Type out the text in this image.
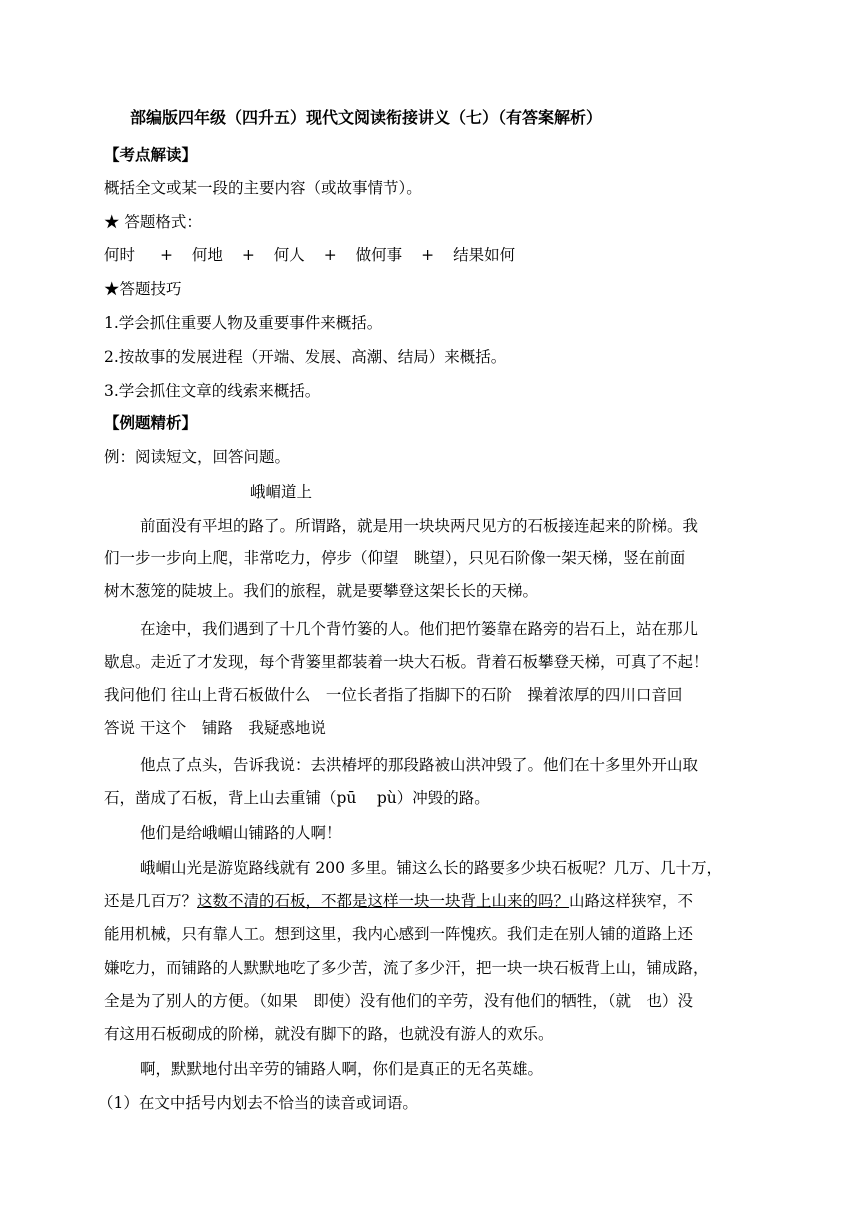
部编版四年级（四升五）现代文阅读衔接讲义（七）（有答案解析）

【考点解读】

概括全文或某一段的主要内容（或故事情节）。

★ 答题格式：

何时 + 何地 + 何人 + 做何事 + 结果如何

★答题技巧

1.学会抓住重要人物及重要事件来概括。

2.按故事的发展进程（开端、发展、高潮、结局）来概括。

3.学会抓住文章的线索来概括。

【例题精析】

例：阅读短文，回答问题。

峨嵋道上

前面没有平坦的路了。所谓路，就是用一块块两尺见方的石板接连起来的阶梯。我

们一步一步向上爬，非常吃力，停步（仰望　眺望），只见石阶像一架天梯，竖在前面

树木葱笼的陡坡上。我们的旅程，就是要攀登这架长长的天梯。

在途中，我们遇到了十几个背竹篓的人。他们把竹篓靠在路旁的岩石上，站在那儿

歇息。走近了才发现，每个背篓里都装着一块大石板。背着石板攀登天梯，可真了不起！

我问他们 往山上背石板做什么　一位长者指了指脚下的石阶　操着浓厚的四川口音回

答说 干这个　铺路　我疑惑地说

他点了点头，告诉我说：去洪椿坪的那段路被山洪冲毁了。他们在十多里外开山取

石，凿成了石板，背上山去重铺（pū　 pù）冲毁的路。

他们是给峨嵋山铺路的人啊！

峨嵋山光是游览路线就有 200 多里。铺这么长的路要多少块石板呢？几万、几十万，

还是几百万？这数不清的石板，不都是这样一块一块背上山来的吗？山路这样狭窄，不

能用机械，只有靠人工。想到这里，我内心感到一阵愧疚。我们走在别人铺的道路上还

嫌吃力，而铺路的人默默地吃了多少苦，流了多少汗，把一块一块石板背上山，铺成路，

全是为了别人的方便。（如果　即使）没有他们的辛劳，没有他们的牺牲，（就　也）没

有这用石板砌成的阶梯，就没有脚下的路，也就没有游人的欢乐。

啊，默默地付出辛劳的铺路人啊，你们是真正的无名英雄。

（1）在文中括号内划去不恰当的读音或词语。
